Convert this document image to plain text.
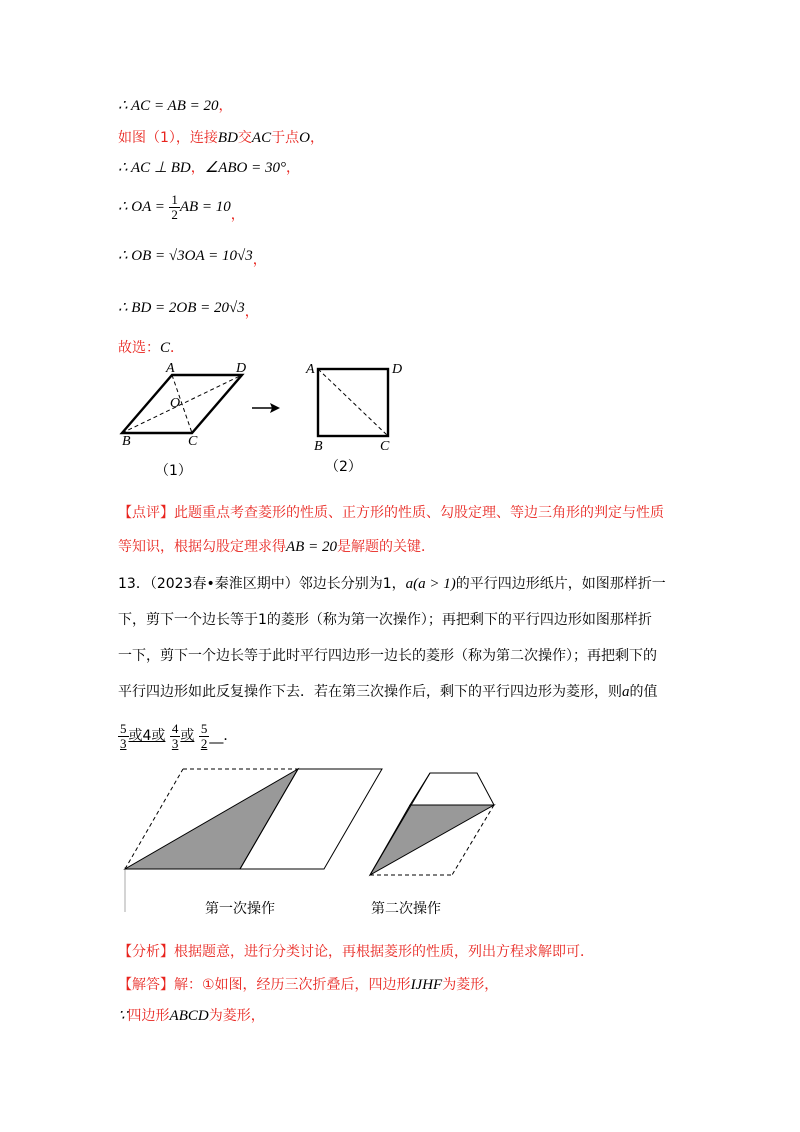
∴ AC = AB = 20，
如图（1），连接BD交AC于点O，
∴ AC ⊥ BD，∠ABO = 30°，
∴ OA = $\frac{1}{2}$ AB = 10，
∴ OB = √3OA = 10√3，
∴ BD = 2OB = 20√3，
故选：C．
A	D
O
B	C
A	D
B	C
（1）	（2）
【点评】此题重点考查菱形的性质、正方形的性质、勾股定理、等边三角形的判定与性质
等知识，根据勾股定理求得AB = 20是解题的关键．
13．（2023春•秦淮区期中）邻边长分别为1，a(a > 1)的平行四边形纸片，如图那样折一
下，剪下一个边长等于1的菱形（称为第一次操作）；再把剩下的平行四边形如图那样折
一下，剪下一个边长等于此时平行四边形一边长的菱形（称为第二次操作）；再把剩下的
平行四边形如此反复操作下去．若在第三次操作后，剩下的平行四边形为菱形，则a的值
$\frac{5}{3}$ 或4或 $\frac{4}{3}$ 或 $\frac{5}{2}$ __．
第一次操作	第二次操作
【分析】根据题意，进行分类讨论，再根据菱形的性质，列出方程求解即可．
【解答】解：①如图，经历三次折叠后，四边形IJHF为菱形，
∵四边形ABCD为菱形，
